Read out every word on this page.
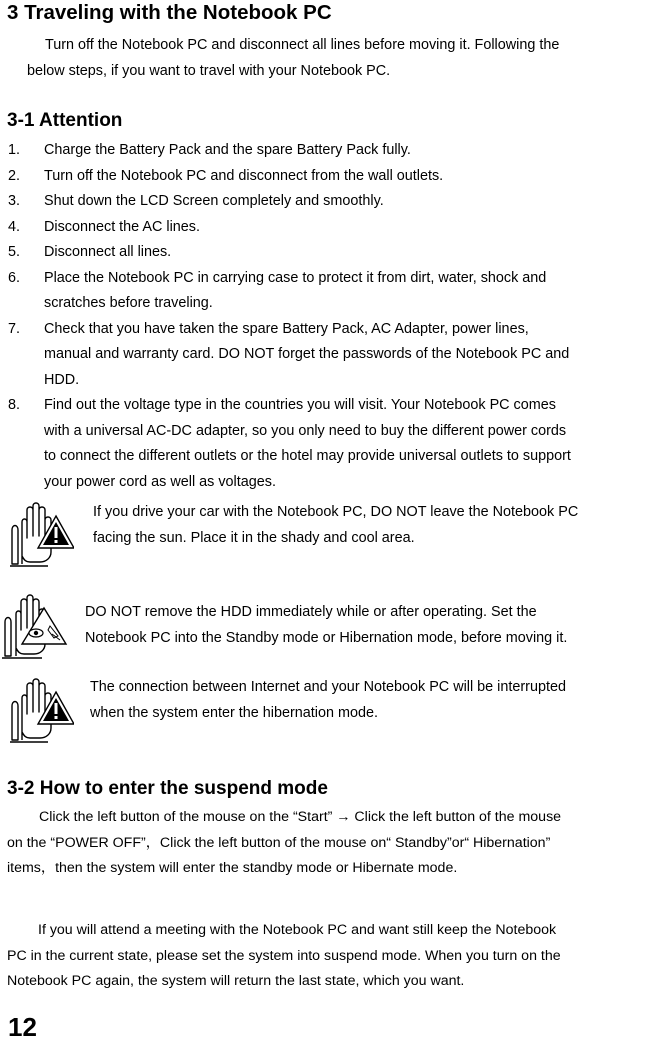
3 Traveling with the Notebook PC
Turn off the Notebook PC and disconnect all lines before moving it. Following the
below steps, if you want to travel with your Notebook PC.
3-1 Attention
1. Charge the Battery Pack and the spare Battery Pack fully.
2. Turn off the Notebook PC and disconnect from the wall outlets.
3. Shut down the LCD Screen completely and smoothly.
4. Disconnect the AC lines.
5. Disconnect all lines.
6. Place the Notebook PC in carrying case to protect it from dirt, water, shock and
scratches before traveling.
7. Check that you have taken the spare Battery Pack, AC Adapter, power lines,
manual and warranty card. DO NOT forget the passwords of the Notebook PC and
HDD.
8. Find out the voltage type in the countries you will visit. Your Notebook PC comes
with a universal AC-DC adapter, so you only need to buy the different power cords
to connect the different outlets or the hotel may provide universal outlets to support
your power cord as well as voltages.
If you drive your car with the Notebook PC, DO NOT leave the Notebook PC
facing the sun. Place it in the shady and cool area.
DO NOT remove the HDD immediately while or after operating. Set the
Notebook PC into the Standby mode or Hibernation mode, before moving it.
The connection between Internet and your Notebook PC will be interrupted
when the system enter the hibernation mode.
3-2 How to enter the suspend mode
Click the left button of the mouse on the “Start” → Click the left button of the mouse
on the “POWER OFF”，Click the left button of the mouse on“ Standby”or“ Hibernation”
items，then the system will enter the standby mode or Hibernate mode.
If you will attend a meeting with the Notebook PC and want still keep the Notebook
PC in the current state, please set the system into suspend mode. When you turn on the
Notebook PC again, the system will return the last state, which you want.
12
